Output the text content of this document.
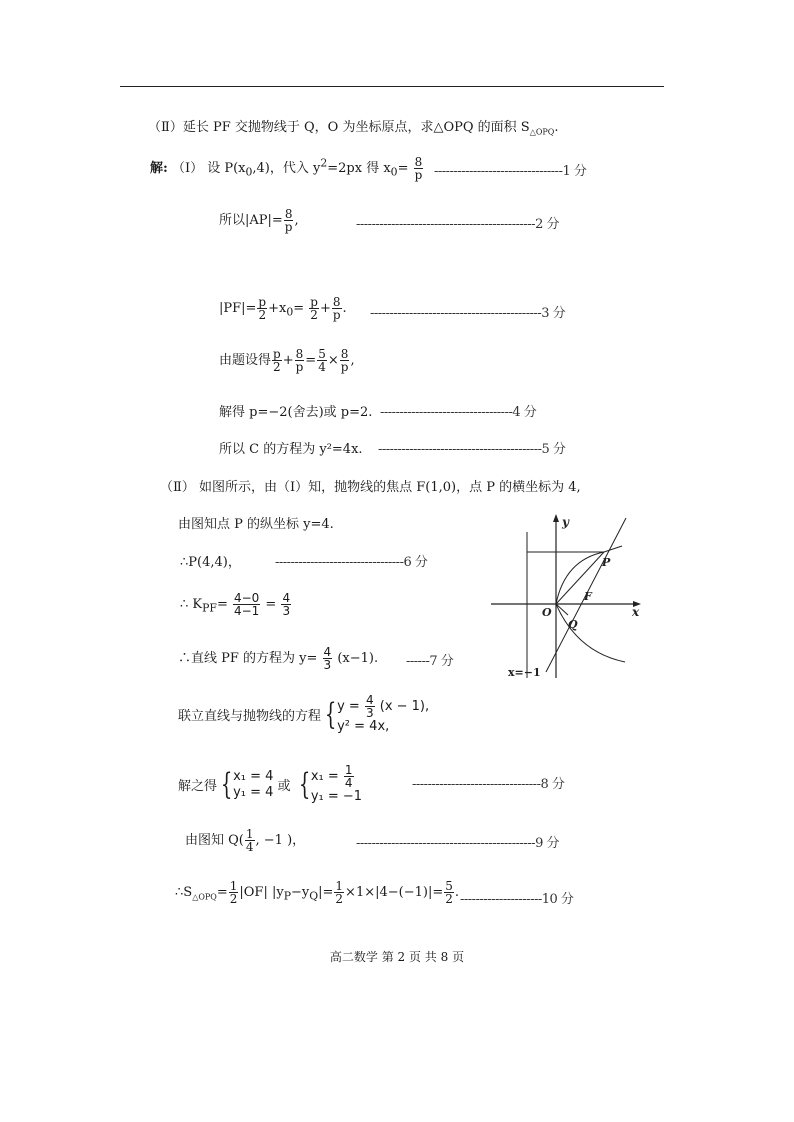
（Ⅱ）延长 PF 交抛物线于 Q，O 为坐标原点，求△OPQ 的面积 $S_{\triangle OPQ}$.
解: （Ⅰ） 设 $P(x_0,4)$，代入 $y^2=2px$ 得 $x_0= \frac{8}{p} ---------------------------------1$ 分
所以$|AP|= \frac{8}{p}$ ,	----------------------------------------------2 分
$|PF|= \frac{p}{2} +x_0= \frac{p}{2} + \frac{8}{p}$ . --------------------------------------------3 分
由题设得 $\frac{p}{2} + \frac{8}{p} = \frac{5}{4} \times \frac{8}{p}$ ,
解得 p=−2(舍去)或 p=2. ----------------------------------4 分
所以 C 的方程为 y²=4x. ------------------------------------------5 分
（Ⅱ） 如图所示，由（Ⅰ）知，抛物线的焦点 F(1,0)，点 P 的横坐标为 4,
由图知点 P 的纵坐标 y=4.
∴P(4,4)，	---------------------------------6 分
∴ $K_{PF}= \frac{4-0}{4-1} = \frac{4}{3}$
∴直线 PF 的方程为 $y= \frac{4}{3} (x-1)$. ------7 分
联立直线与抛物线的方程 { $y = \frac{4}{3} (x - 1)$,
y² = 4x,
解之得 { x₁ = 4
y₁ = 4 或 { $x_1 = \frac{1}{4}$
y₁ = −1
---------------------------------8 分
由图知 $Q( \frac{1}{4}$ , −1 )，	----------------------------------------------9 分
$\therefore S_{\triangle OPQ}= \frac{1}{2} |OF|$ $|y_P-y_Q|= \frac{1}{2} \times 1\times|4-(-1)|= \frac{5}{2}$ . ---------------------10 分
y
x
O
P
F
Q
x=−1
高二数学 第 2 页 共 8 页
